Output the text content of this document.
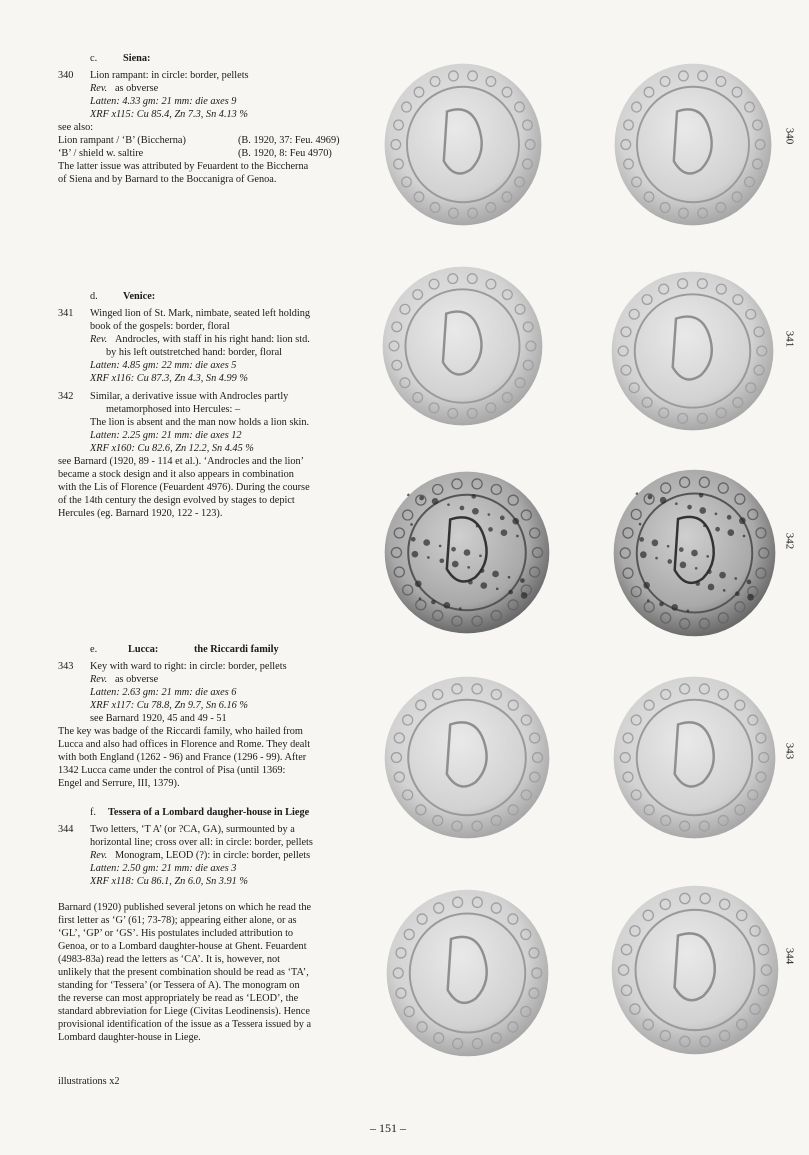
c.	Siena:
340	Lion rampant: in circle: border, pellets

Rev. as obverse

Latten: 4.33 gm: 21 mm: die axes 9

XRF x115: Cu 85.4, Zn 7.3, Sn 4.13 %

see also:

Lion rampant / ‘B’ (Biccherna)	(B. 1920, 37: Feu. 4969)
‘B’ / shield w. saltire	(B. 1920, 8: Feu 4970)

The latter issue was attributed by Feuardent to the Biccherna

of Siena and by Barnard to the Boccanigra of Genoa.

d. Venice:
341	Winged lion of St. Mark, nimbate, seated left holding

book of the gospels: border, floral

Rev. Androcles, with staff in his right hand: lion std.

by his left outstretched hand: border, floral

Latten: 4.85 gm: 22 mm: die axes 5

XRF x116: Cu 87.3, Zn 4.3, Sn 4.99 %

342	Similar, a derivative issue with Androcles partly

metamorphosed into Hercules: –

The lion is absent and the man now holds a lion skin.

Latten: 2.25 gm: 21 mm: die axes 12

XRF x160: Cu 82.6, Zn 12.2, Sn 4.45 %

see Barnard (1920, 89 - 114 et al.). ‘Androcles and the lion’

became a stock design and it also appears in combination

with the Lis of Florence (Feuardent 4976). During the course

of the 14th century the design evolved by stages to depict

Hercules (eg. Barnard 1920, 122 - 123).

e.	Lucca:	the Riccardi family
343	Key with ward to right: in circle: border, pellets

Rev. as obverse

Latten: 2.63 gm: 21 mm: die axes 6

XRF x117: Cu 78.8, Zn 9.7, Sn 6.16 %

see Barnard 1920, 45 and 49 - 51

The key was badge of the Riccardi family, who hailed from

Lucca and also had offices in Florence and Rome. They dealt

with both England (1262 - 96) and France (1296 - 99). After

1342 Lucca came under the control of Pisa (until 1369:

Engel and Serrure, III, 1379).

f. Tessera of a Lombard daugher-house in Liege
344	Two letters, ‘T A’ (or ?CA, GA), surmounted by a

horizontal line; cross over all: in circle: border, pellets

Rev. Monogram, LEOD (?): in circle: border, pellets

Latten: 2.50 gm: 21 mm: die axes 3

XRF x118: Cu 86.1, Zn 6.0, Sn 3.91 %

Barnard (1920) published several jetons on which he read the

first letter as ‘G’ (61; 73-78); appearing either alone, or as

‘GL’, ‘GP’ or ‘GS’. His postulates included attribution to

Genoa, or to a Lombard daughter-house at Ghent. Feuardent

(4983-83a) read the letters as ‘CA’. It is, however, not

unlikely that the present combination should be read as ‘TA’,

standing for ‘Tessera’ (or Tessera of A). The monogram on

the reverse can most appropriately be read as ‘LEOD’, the

standard abbreviation for Liege (Civitas Leodinensis). Hence

provisional identification of the issue as a Tessera issued by a

Lombard daughter-house in Liege.

illustrations x2
– 151 –
340
341
342
343
344
